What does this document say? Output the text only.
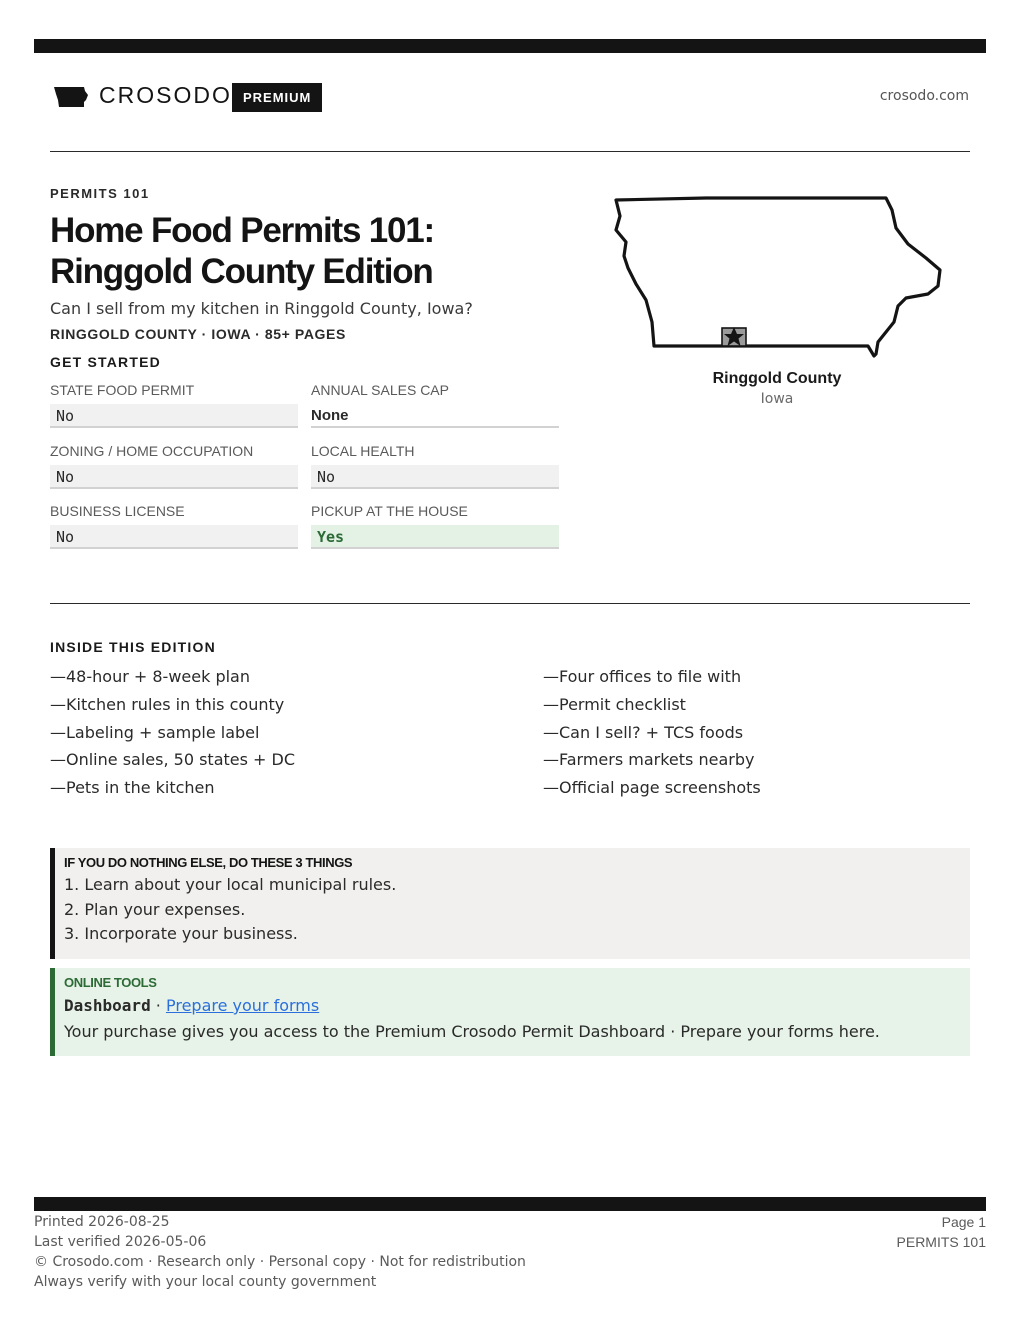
CROSODO PREMIUM	crosodo.com
PERMITS 101
Home Food Permits 101:
Ringgold County Edition
Can I sell from my kitchen in Ringgold County, Iowa?
RINGGOLD COUNTY · IOWA · 85+ PAGES
GET STARTED
STATE FOOD PERMIT
No
ANNUAL SALES CAP
None
ZONING / HOME OCCUPATION
No
LOCAL HEALTH
No
BUSINESS LICENSE
No
PICKUP AT THE HOUSE
Yes
Ringgold County
Iowa
INSIDE THIS EDITION
—48-hour + 8-week plan
—Kitchen rules in this county
—Labeling + sample label
—Online sales, 50 states + DC
—Pets in the kitchen
—Four offices to file with
—Permit checklist
—Can I sell? + TCS foods
—Farmers markets nearby
—Official page screenshots
IF YOU DO NOTHING ELSE, DO THESE 3 THINGS
1. Learn about your local municipal rules.
2. Plan your expenses.
3. Incorporate your business.
ONLINE TOOLS
Dashboard · Prepare your forms
Your purchase gives you access to the Premium Crosodo Permit Dashboard · Prepare your forms here.
Printed 2026-08-25
Last verified 2026-05-06
© Crosodo.com · Research only · Personal copy · Not for redistribution
Always verify with your local county government
Page 1
PERMITS 101
